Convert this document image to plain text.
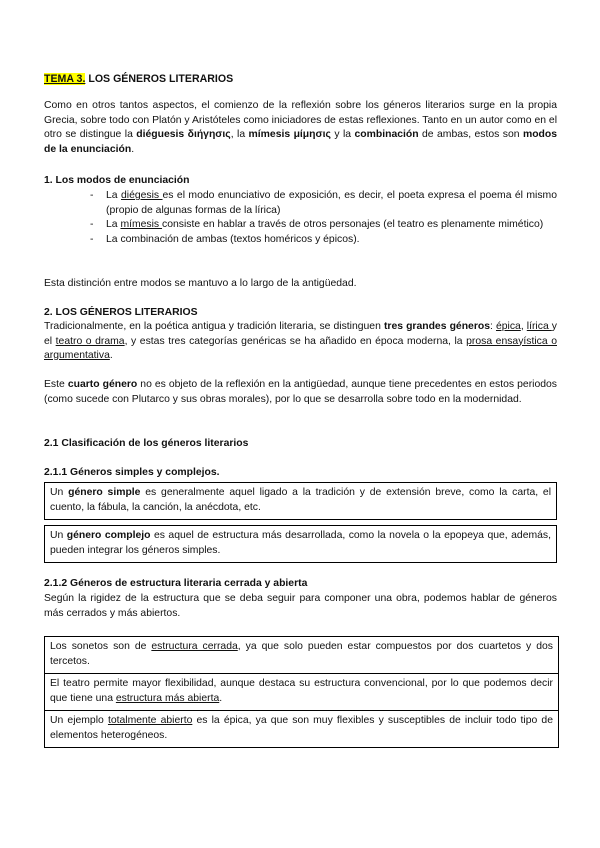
TEMA 3. LOS GÉNEROS LITERARIOS

Como en otros tantos aspectos, el comienzo de la reflexión sobre los géneros literarios surge en la propia Grecia, sobre todo con Platón y Aristóteles como iniciadores de estas reflexiones. Tanto en un autor como en el otro se distingue la diéguesis διήγησις, la mímesis μίμησις y la combinación de ambas, estos son modos de la enunciación.

1. Los modos de enunciación

- La diégesis es el modo enunciativo de exposición, es decir, el poeta expresa el poema él mismo (propio de algunas formas de la lírica)
- La mímesis consiste en hablar a través de otros personajes (el teatro es plenamente mimético)
- La combinación de ambas (textos homéricos y épicos).

Esta distinción entre modos se mantuvo a lo largo de la antigüedad.

2. LOS GÉNEROS LITERARIOS

Tradicionalmente, en la poética antigua y tradición literaria, se distinguen tres grandes géneros: épica, lírica y el teatro o drama, y estas tres categorías genéricas se ha añadido en época moderna, la prosa ensayística o argumentativa.

Este cuarto género no es objeto de la reflexión en la antigüedad, aunque tiene precedentes en estos periodos (como sucede con Plutarco y sus obras morales), por lo que se desarrolla sobre todo en la modernidad.

2.1 Clasificación de los géneros literarios

2.1.1 Géneros simples y complejos.

Un género simple es generalmente aquel ligado a la tradición y de extensión breve, como la carta, el cuento, la fábula, la canción, la anécdota, etc.
Un género complejo es aquel de estructura más desarrollada, como la novela o la epopeya que, además, pueden integrar los géneros simples.

2.1.2 Géneros de estructura literaria cerrada y abierta

Según la rigidez de la estructura que se deba seguir para componer una obra, podemos hablar de géneros más cerrados y más abiertos.

Los sonetos son de estructura cerrada, ya que solo pueden estar compuestos por dos cuartetos y dos tercetos.
El teatro permite mayor flexibilidad, aunque destaca su estructura convencional, por lo que podemos decir que tiene una estructura más abierta.
Un ejemplo totalmente abierto es la épica, ya que son muy flexibles y susceptibles de incluir todo tipo de elementos heterogéneos.
